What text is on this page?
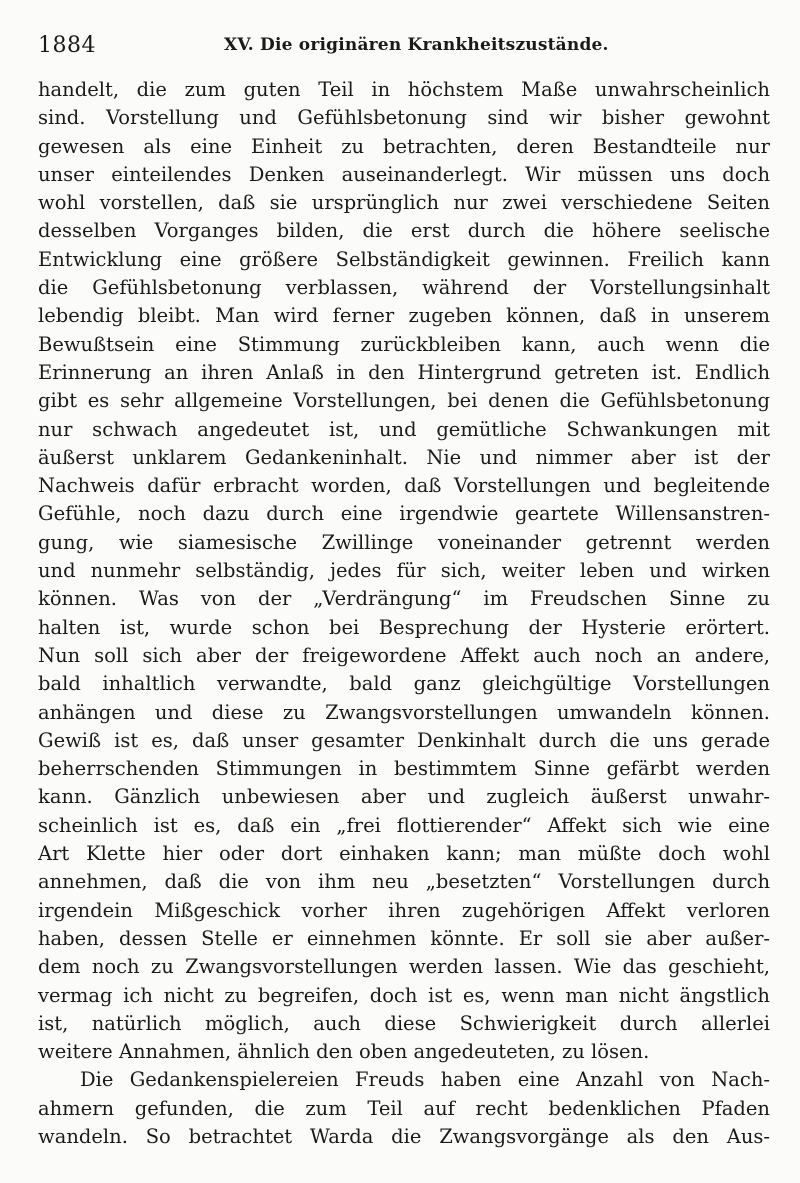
1884	XV. Die originären Krankheitszustände.
handelt, die zum guten Teil in höchstem Maße unwahrscheinlich
sind. Vorstellung und Gefühlsbetonung sind wir bisher gewohnt
gewesen als eine Einheit zu betrachten, deren Bestandteile nur
unser einteilendes Denken auseinanderlegt. Wir müssen uns doch
wohl vorstellen, daß sie ursprünglich nur zwei verschiedene Seiten
desselben Vorganges bilden, die erst durch die höhere seelische
Entwicklung eine größere Selbständigkeit gewinnen. Freilich kann
die Gefühlsbetonung verblassen, während der Vorstellungsinhalt
lebendig bleibt. Man wird ferner zugeben können, daß in unserem
Bewußtsein eine Stimmung zurückbleiben kann, auch wenn die
Erinnerung an ihren Anlaß in den Hintergrund getreten ist. Endlich
gibt es sehr allgemeine Vorstellungen, bei denen die Gefühlsbetonung
nur schwach angedeutet ist, und gemütliche Schwankungen mit
äußerst unklarem Gedankeninhalt. Nie und nimmer aber ist der
Nachweis dafür erbracht worden, daß Vorstellungen und begleitende
Gefühle, noch dazu durch eine irgendwie geartete Willensanstren-
gung, wie siamesische Zwillinge voneinander getrennt werden
und nunmehr selbständig, jedes für sich, weiter leben und wirken
können. Was von der „Verdrängung“ im Freudschen Sinne zu
halten ist, wurde schon bei Besprechung der Hysterie erörtert.
Nun soll sich aber der freigewordene Affekt auch noch an andere,
bald inhaltlich verwandte, bald ganz gleichgültige Vorstellungen
anhängen und diese zu Zwangsvorstellungen umwandeln können.
Gewiß ist es, daß unser gesamter Denkinhalt durch die uns gerade
beherrschenden Stimmungen in bestimmtem Sinne gefärbt werden
kann. Gänzlich unbewiesen aber und zugleich äußerst unwahr-
scheinlich ist es, daß ein „frei flottierender“ Affekt sich wie eine
Art Klette hier oder dort einhaken kann; man müßte doch wohl
annehmen, daß die von ihm neu „besetzten“ Vorstellungen durch
irgendein Mißgeschick vorher ihren zugehörigen Affekt verloren
haben, dessen Stelle er einnehmen könnte. Er soll sie aber außer-
dem noch zu Zwangsvorstellungen werden lassen. Wie das geschieht,
vermag ich nicht zu begreifen, doch ist es, wenn man nicht ängstlich
ist, natürlich möglich, auch diese Schwierigkeit durch allerlei
weitere Annahmen, ähnlich den oben angedeuteten, zu lösen.
Die Gedankenspielereien Freuds haben eine Anzahl von Nach-
ahmern gefunden, die zum Teil auf recht bedenklichen Pfaden
wandeln. So betrachtet Warda die Zwangsvorgänge als den Aus-
